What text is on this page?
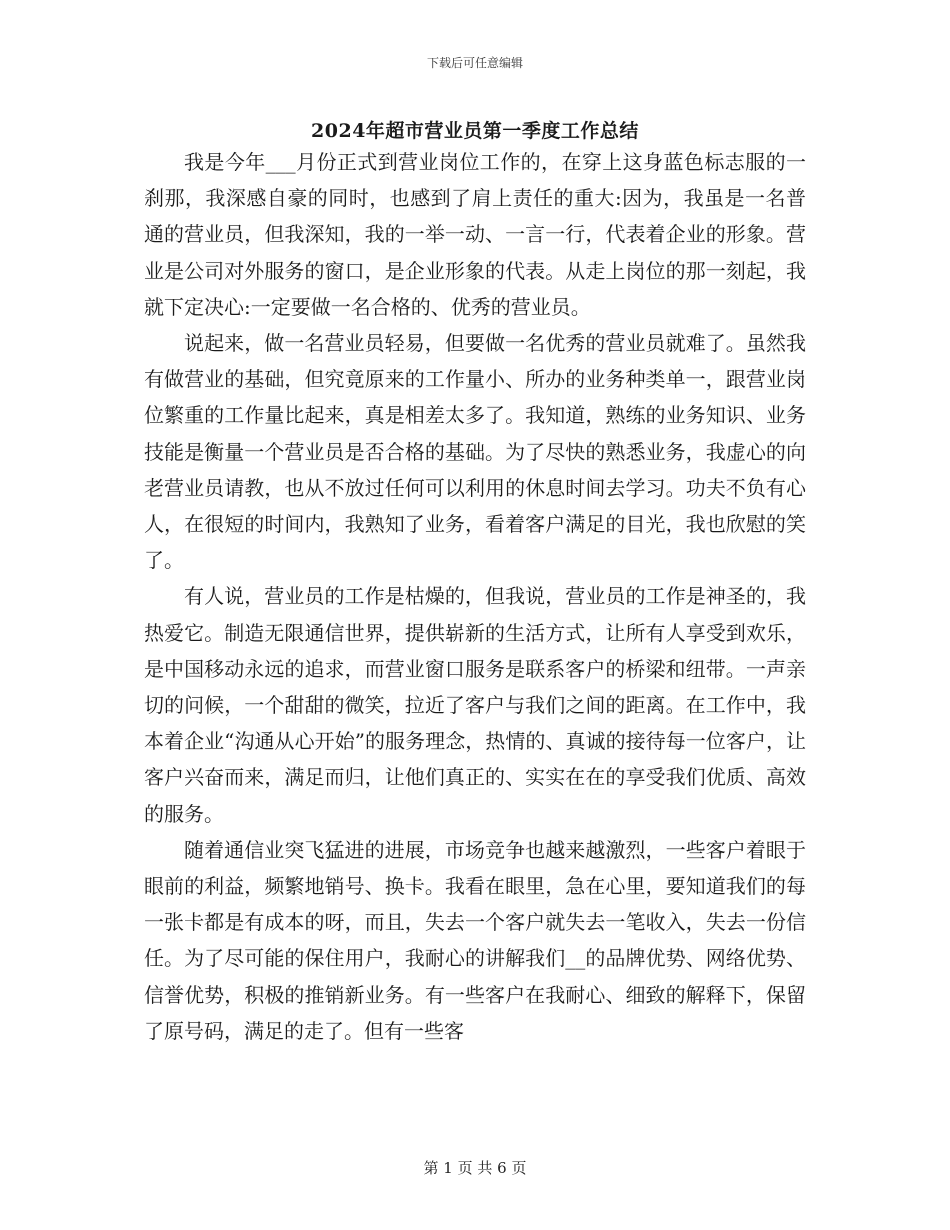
下载后可任意编辑
2024年超市营业员第一季度工作总结

我是今年___月份正式到营业岗位工作的，在穿上这身蓝色标志服的一刹那，我深感自豪的同时，也感到了肩上责任的重大:因为，我虽是一名普通的营业员，但我深知，我的一举一动、一言一行，代表着企业的形象。营业是公司对外服务的窗口，是企业形象的代表。从走上岗位的那一刻起，我就下定决心:一定要做一名合格的、优秀的营业员。

说起来，做一名营业员轻易，但要做一名优秀的营业员就难了。虽然我有做营业的基础，但究竟原来的工作量小、所办的业务种类单一，跟营业岗位繁重的工作量比起来，真是相差太多了。我知道，熟练的业务知识、业务技能是衡量一个营业员是否合格的基础。为了尽快的熟悉业务，我虚心的向老营业员请教，也从不放过任何可以利用的休息时间去学习。功夫不负有心人，在很短的时间内，我熟知了业务，看着客户满足的目光，我也欣慰的笑了。

有人说，营业员的工作是枯燥的，但我说，营业员的工作是神圣的，我热爱它。制造无限通信世界，提供崭新的生活方式，让所有人享受到欢乐，是中国移动永远的追求，而营业窗口服务是联系客户的桥梁和纽带。一声亲切的问候，一个甜甜的微笑，拉近了客户与我们之间的距离。在工作中，我本着企业“沟通从心开始”的服务理念，热情的、真诚的接待每一位客户，让客户兴奋而来，满足而归，让他们真正的、实实在在的享受我们优质、高效的服务。

随着通信业突飞猛进的进展，市场竞争也越来越激烈，一些客户着眼于眼前的利益，频繁地销号、换卡。我看在眼里，急在心里，要知道我们的每一张卡都是有成本的呀，而且，失去一个客户就失去一笔收入，失去一份信任。为了尽可能的保住用户，我耐心的讲解我们__的品牌优势、网络优势、信誉优势，积极的推销新业务。有一些客户在我耐心、细致的解释下，保留了原号码，满足的走了。但有一些客

第 1 页 共 6 页
